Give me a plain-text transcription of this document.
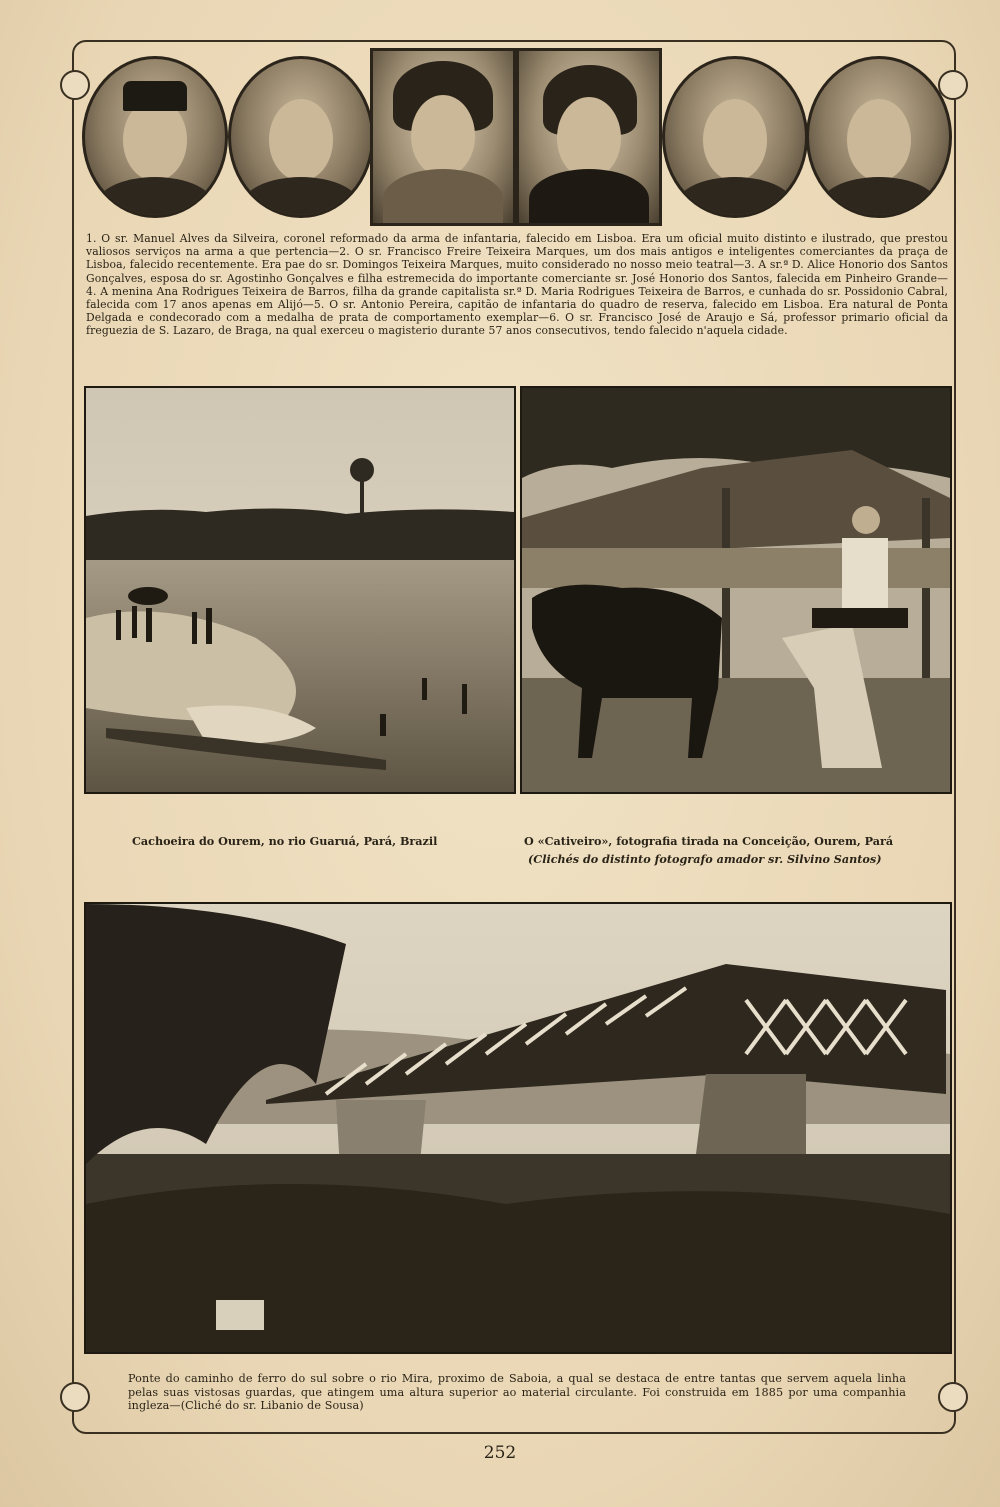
1. O sr. Manuel Alves da Silveira, coronel reformado da arma de infantaria, falecido em Lisboa. Era um oficial muito distinto e ilustrado, que prestou valiosos serviços na arma a que pertencia—2. O sr. Francisco Freire Teixeira Marques, um dos mais antigos e inteligentes comerciantes da praça de Lisboa, falecido recentemente. Era pae do sr. Domingos Teixeira Marques, muito considerado no nosso meio teatral—3. A sr.ª D. Alice Honorio dos Santos Gonçalves, esposa do sr. Agostinho Gonçalves e filha estremecida do importante comerciante sr. José Honorio dos Santos, falecida em Pinheiro Grande—4. A menina Ana Rodrigues Teixeira de Barros, filha da grande capitalista sr.ª D. Maria Rodrigues Teixeira de Barros, e cunhada do sr. Possidonio Cabral, falecida com 17 anos apenas em Alijó—5. O sr. Antonio Pereira, capitão de infantaria do quadro de reserva, falecido em Lisboa. Era natural de Ponta Delgada e condecorado com a medalha de prata de comportamento exemplar—6. O sr. Francisco José de Araujo e Sá, professor primario oficial da freguezia de S. Lazaro, de Braga, na qual exerceu o magisterio durante 57 anos consecutivos, tendo falecido n'aquela cidade.
Cachoeira do Ourem, no rio Guaruá, Pará, Brazil	O «Cativeiro», fotografia tirada na Conceição, Ourem, Pará
(Clichés do distinto fotografo amador sr. Silvino Santos)
Ponte do caminho de ferro do sul sobre o rio Mira, proximo de Saboia, a qual se destaca de entre tantas que servem aquela linha pelas suas vistosas guardas, que atingem uma altura superior ao material circulante. Foi construida em 1885 por uma companhia ingleza—(Cliché do sr. Libanio de Sousa)
252
